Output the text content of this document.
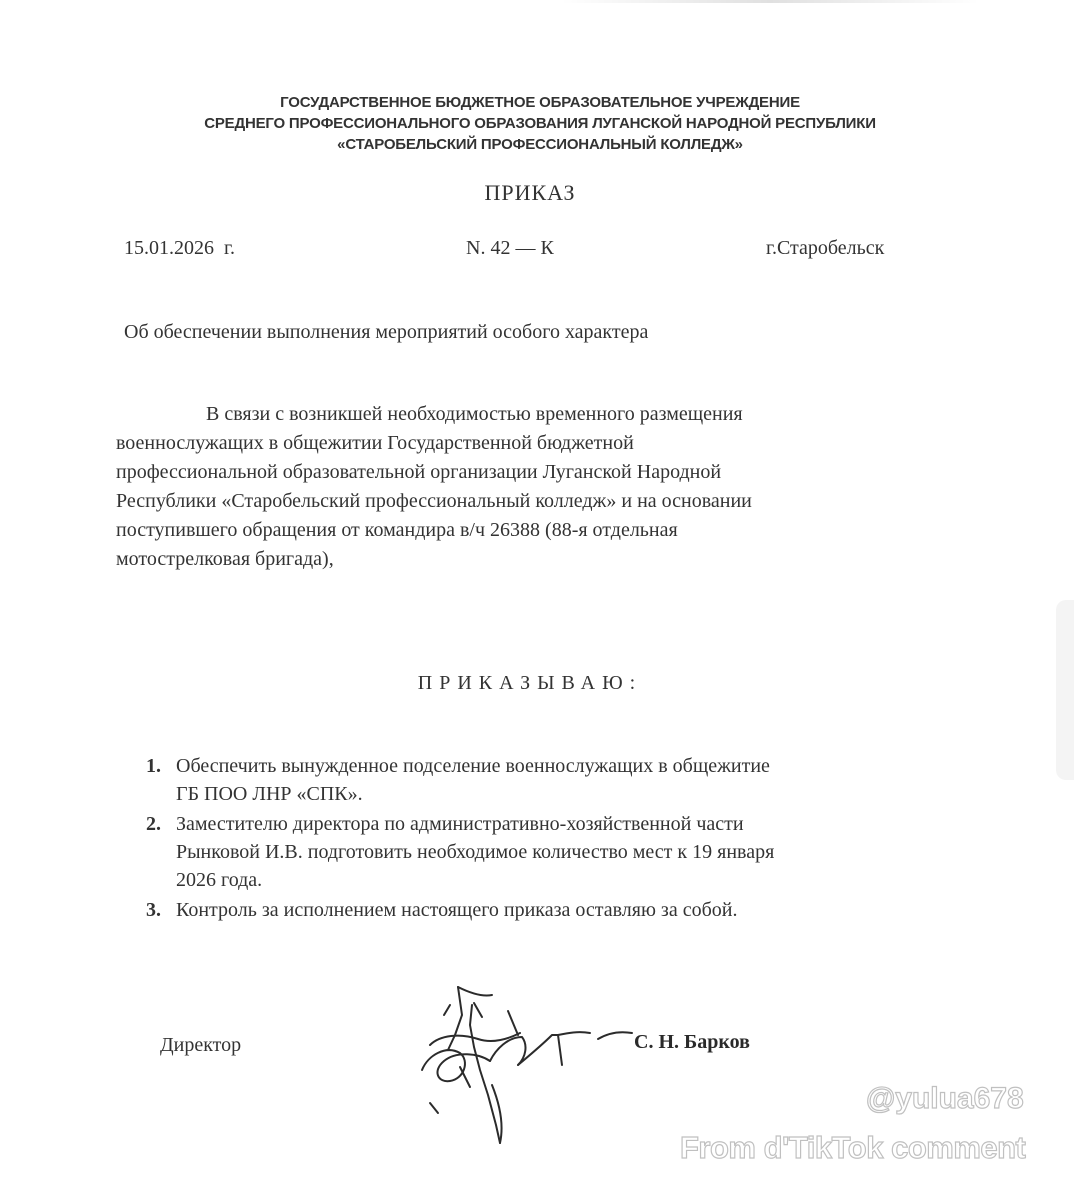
ГОСУДАРСТВЕННОЕ БЮДЖЕТНОЕ ОБРАЗОВАТЕЛЬНОЕ УЧРЕЖДЕНИЕ
СРЕДНЕГО ПРОФЕССИОНАЛЬНОГО ОБРАЗОВАНИЯ ЛУГАНСКОЙ НАРОДНОЙ РЕСПУБЛИКИ
«СТАРОБЕЛЬСКИЙ ПРОФЕССИОНАЛЬНЫЙ КОЛЛЕДЖ»
ПРИКАЗ
15.01.2026  г.	N. 42 — К	г.Старобельск
Об обеспечении выполнения мероприятий особого характера
В связи с возникшей необходимостью временного размещения
военнослужащих в общежитии Государственной бюджетной
профессиональной образовательной организации Луганской Народной
Республики «Старобельский профессиональный колледж» и на основании
поступившего обращения от командира в/ч 26388 (88-я отдельная
мотострелковая бригада),
ПРИКАЗЫВАЮ:
1. Обеспечить вынужденное подселение военнослужащих в общежитие
ГБ ПОО ЛНР «СПК».
2. Заместителю директора по административно-хозяйственной части
Рынковой И.В. подготовить необходимое количество мест к 19 января
2026 года.
3. Контроль за исполнением настоящего приказа оставляю за собой.
Директор	С. Н. Барков
@yulua678
From d'TikTok comment
